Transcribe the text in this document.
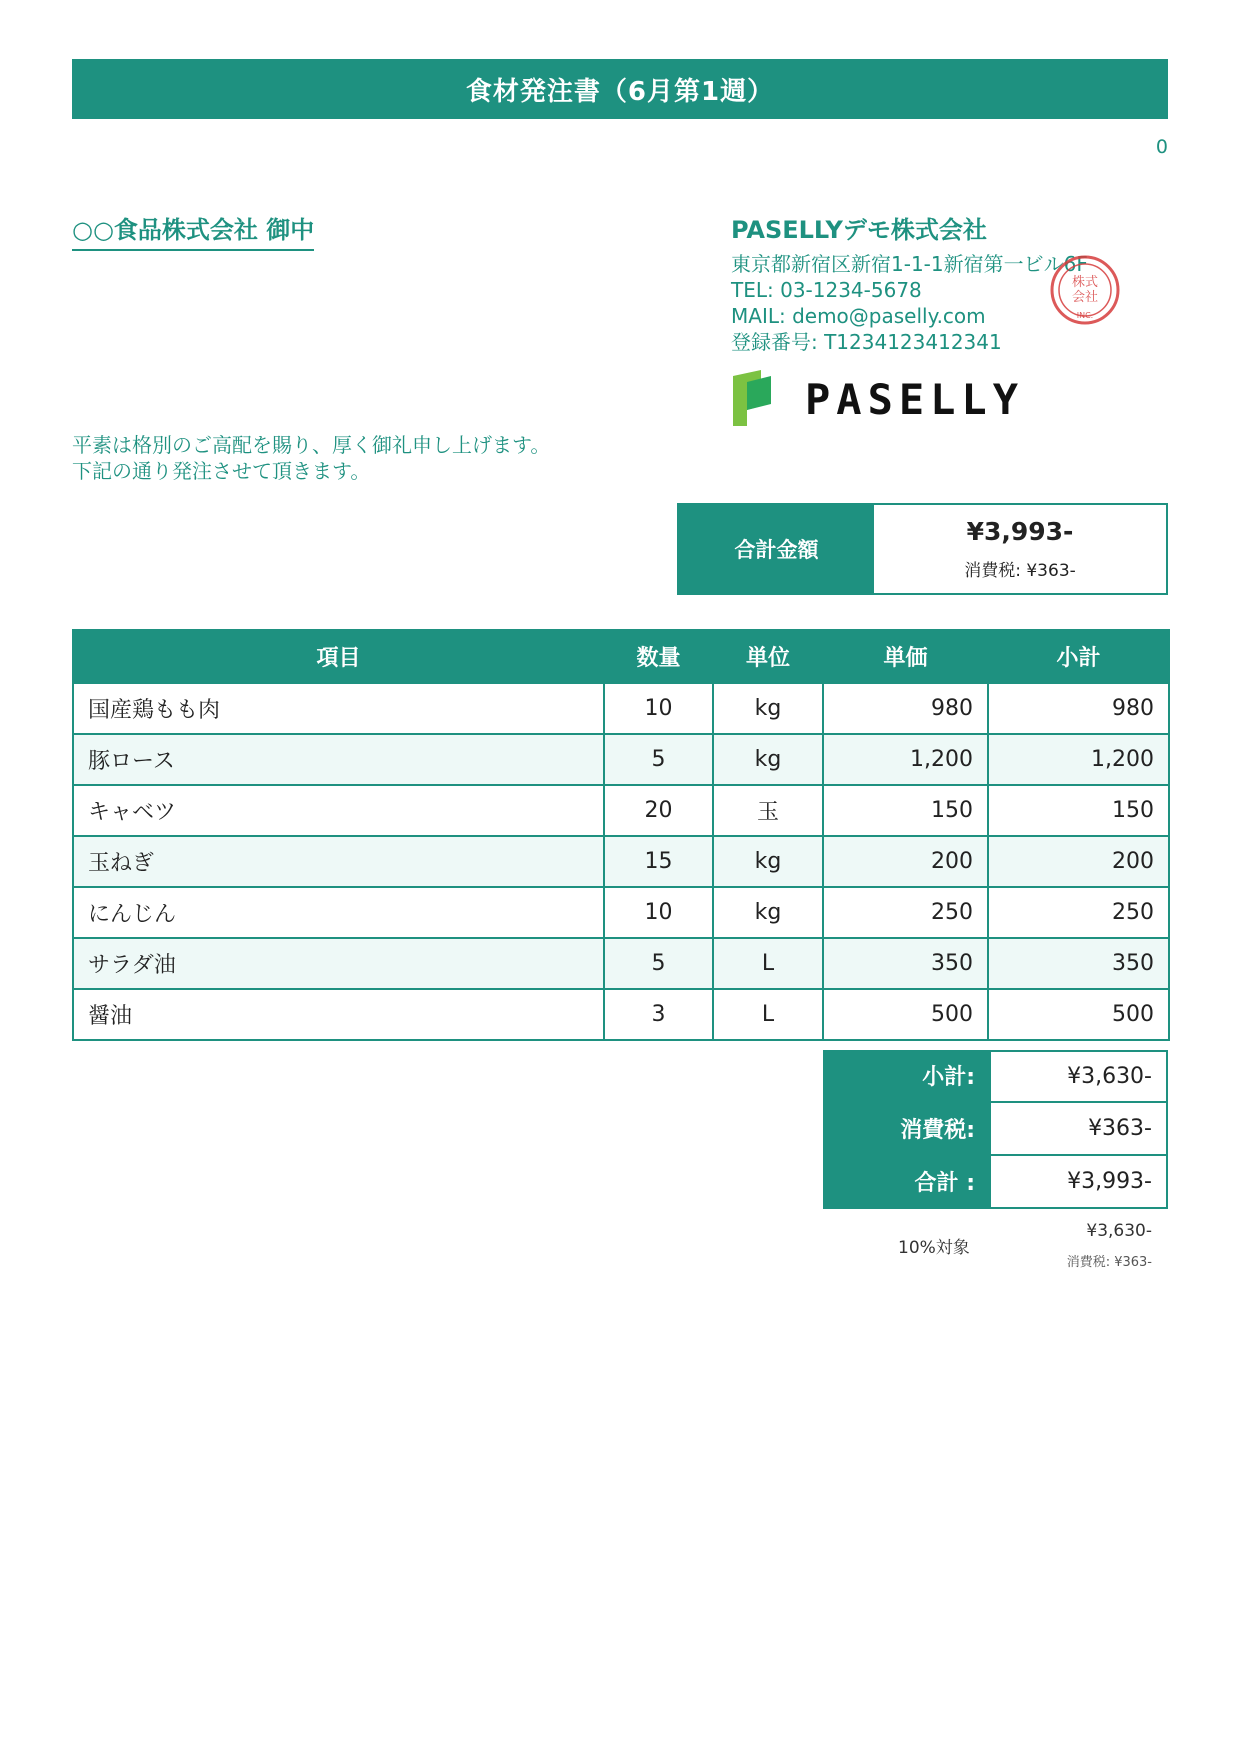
食材発注書（6月第1週）
0
○○食品株式会社 御中	PASELLYデモ株式会社
東京都新宿区新宿1-1-1新宿第一ビル6F
TEL: 03-1234-5678
MAIL: demo@paselly.com
登録番号: T1234123412341
株式
会社
INC.
PASELLY
平素は格別のご高配を賜り、厚く御礼申し上げます。
下記の通り発注させて頂きます。
合計金額
¥3,993-
消費税: ¥363-
項目	数量	単位	単価	小計
国産鶏もも肉	10	kg	980	980
豚ロース	5	kg	1,200	1,200
キャベツ	20	玉	150	150
玉ねぎ	15	kg	200	200
にんじん	10	kg	250	250
サラダ油	5	L	350	350
醤油	3	L	500	500
小計:	¥3,630-
消費税:	¥363-
合計 :	¥3,993-
10%対象
¥3,630-
消費税: ¥363-
